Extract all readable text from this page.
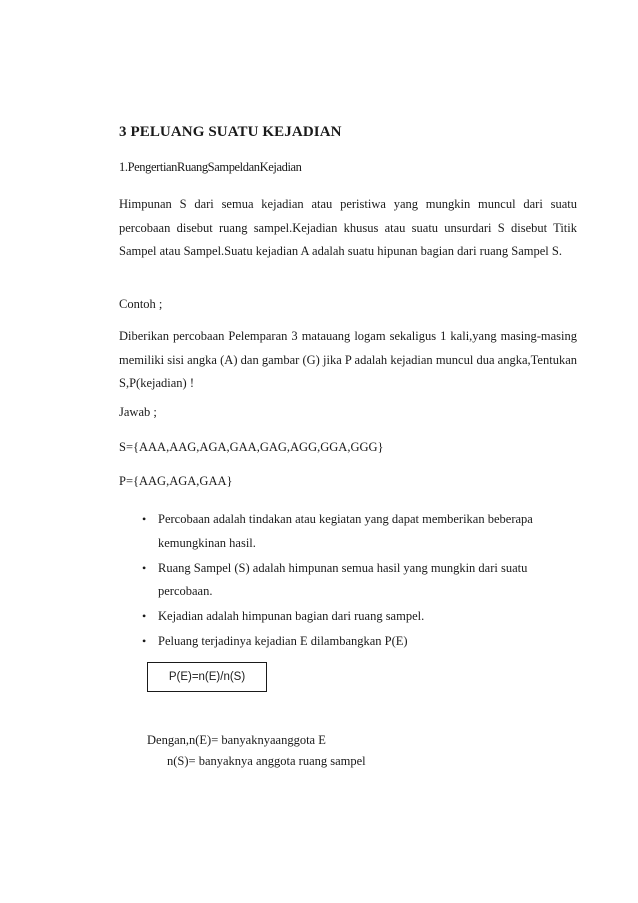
3 PELUANG SUATU KEJADIAN

1.PengertianRuangSampeldanKejadian

Himpunan S dari semua kejadian atau peristiwa yang mungkin muncul dari suatu percobaan disebut ruang sampel.Kejadian khusus atau suatu unsurdari S disebut Titik Sampel atau Sampel.Suatu kejadian A adalah suatu hipunan bagian dari ruang Sampel S.

Contoh ;

Diberikan percobaan Pelemparan 3 matauang logam sekaligus 1 kali,yang masing-masing memiliki sisi angka (A) dan gambar (G) jika P adalah kejadian muncul dua angka,Tentukan S,P(kejadian) !

Jawab ;

S={AAA,AAG,AGA,GAA,GAG,AGG,GGA,GGG}

P={AAG,AGA,GAA}

• Percobaan adalah tindakan atau kegiatan yang dapat memberikan beberapa kemungkinan hasil.
• Ruang Sampel (S) adalah himpunan semua hasil yang mungkin dari suatu percobaan.
• Kejadian adalah himpunan bagian dari ruang sampel.
• Peluang terjadinya kejadian E dilambangkan P(E)
P(E)=n(E)/n(S)

Dengan,n(E)= banyaknyaanggota E

n(S)= banyaknya anggota ruang sampel
